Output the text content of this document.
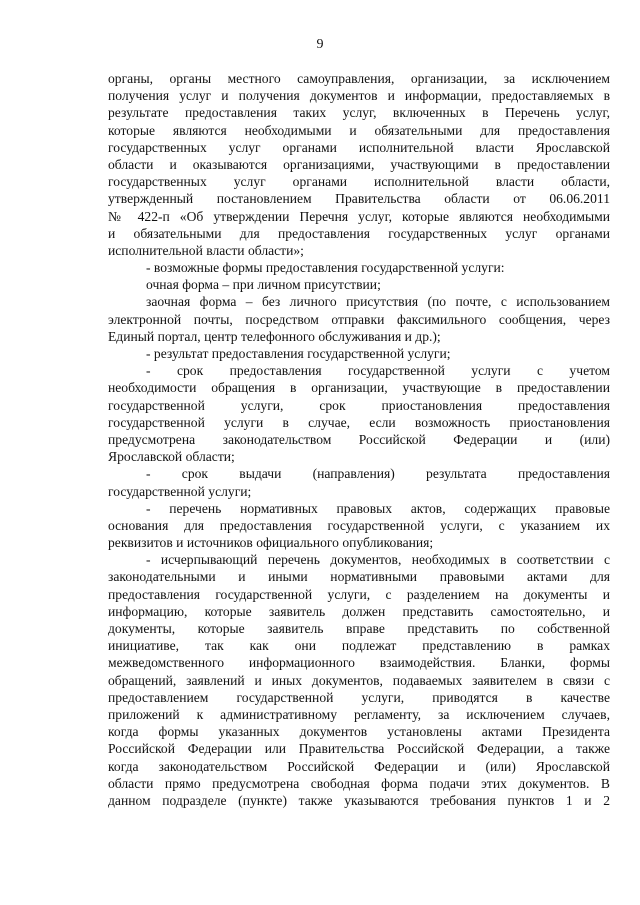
9
органы, органы местного самоуправления, организации, за исключением
получения услуг и получения документов и информации, предоставляемых в
результате предоставления таких услуг, включенных в Перечень услуг,
которые являются необходимыми и обязательными для предоставления
государственных услуг органами исполнительной власти Ярославской
области и оказываются организациями, участвующими в предоставлении
государственных услуг органами исполнительной власти области,
утвержденный постановлением Правительства области от 06.06.2011
№ 422-п «Об утверждении Перечня услуг, которые являются необходимыми
и обязательными для предоставления государственных услуг органами
исполнительной власти области»;
- возможные формы предоставления государственной услуги:
очная форма – при личном присутствии;
заочная форма – без личного присутствия (по почте, с использованием
электронной почты, посредством отправки факсимильного сообщения, через
Единый портал, центр телефонного обслуживания и др.);
- результат предоставления государственной услуги;
- срок предоставления государственной услуги с учетом
необходимости обращения в организации, участвующие в предоставлении
государственной услуги, срок приостановления предоставления
государственной услуги в случае, если возможность приостановления
предусмотрена законодательством Российской Федерации и (или)
Ярославской области;
- срок выдачи (направления) результата предоставления
государственной услуги;
- перечень нормативных правовых актов, содержащих правовые
основания для предоставления государственной услуги, с указанием их
реквизитов и источников официального опубликования;
- исчерпывающий перечень документов, необходимых в соответствии с
законодательными и иными нормативными правовыми актами для
предоставления государственной услуги, с разделением на документы и
информацию, которые заявитель должен представить самостоятельно, и
документы, которые заявитель вправе представить по собственной
инициативе, так как они подлежат представлению в рамках
межведомственного информационного взаимодействия. Бланки, формы
обращений, заявлений и иных документов, подаваемых заявителем в связи с
предоставлением государственной услуги, приводятся в качестве
приложений к административному регламенту, за исключением случаев,
когда формы указанных документов установлены актами Президента
Российской Федерации или Правительства Российской Федерации, а также
когда законодательством Российской Федерации и (или) Ярославской
области прямо предусмотрена свободная форма подачи этих документов. В
данном подразделе (пункте) также указываются требования пунктов 1 и 2
